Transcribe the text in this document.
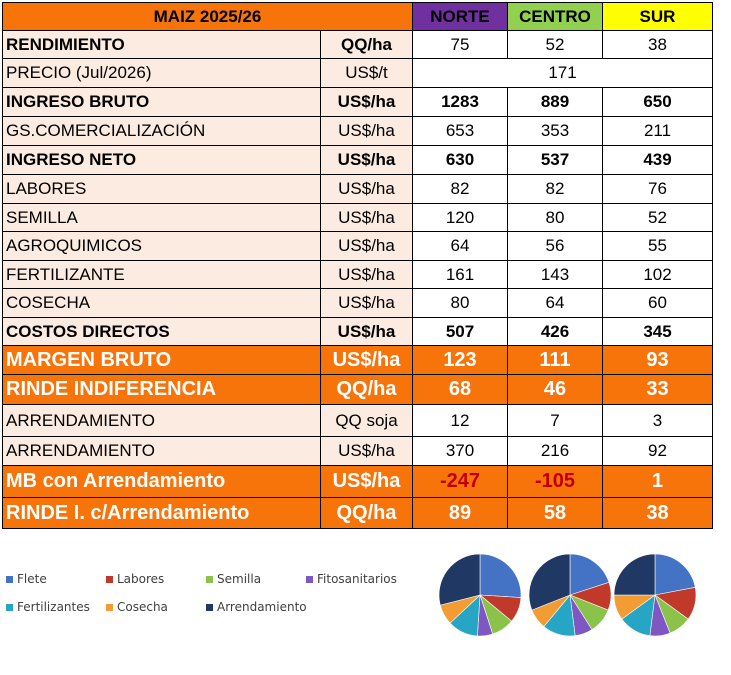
MAIZ 2025/26		NORTE	CENTRO	SUR
RENDIMIENTO	QQ/ha	75	52	38
PRECIO (Jul/2026)	US$/t	171		
INGRESO BRUTO	US$/ha	1283	889	650
GS.COMERCIALIZACIÓN	US$/ha	653	353	211
INGRESO NETO	US$/ha	630	537	439
LABORES	US$/ha	82	82	76
SEMILLA	US$/ha	120	80	52
AGROQUIMICOS	US$/ha	64	56	55
FERTILIZANTE	US$/ha	161	143	102
COSECHA	US$/ha	80	64	60
COSTOS DIRECTOS	US$/ha	507	426	345
MARGEN BRUTO	US$/ha	123	111	93
RINDE INDIFERENCIA	QQ/ha	68	46	33
ARRENDAMIENTO	QQ soja	12	7	3
ARRENDAMIENTO	US$/ha	370	216	92
MB con Arrendamiento	US$/ha	-247	-105	1
RINDE I. c/Arrendamiento	QQ/ha	89	58	38
Flete	Labores	Semilla	Fitosanitarios
Fertilizantes Cosecha	Arrendamiento
